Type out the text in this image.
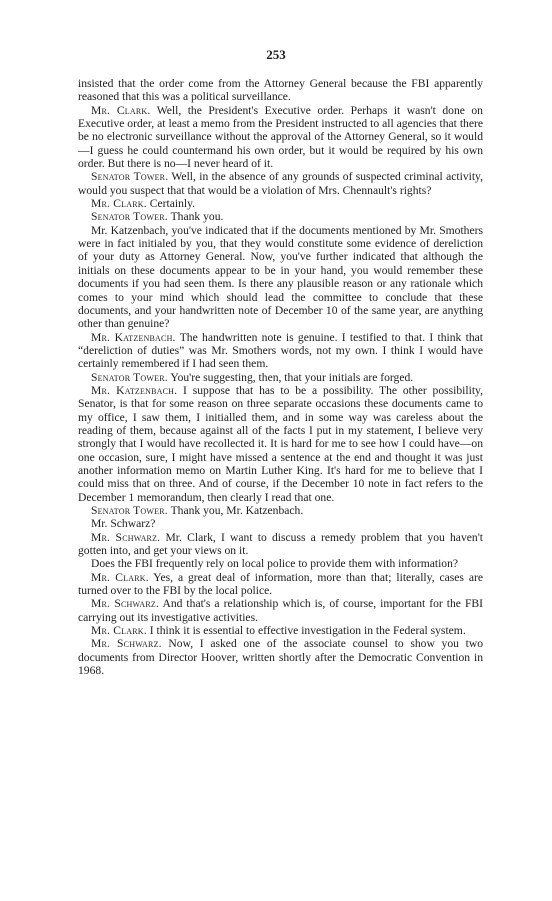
253

insisted that the order come from the Attorney General because the FBI apparently reasoned that this was a political surveillance.

Mr. Clark. Well, the President's Executive order. Perhaps it wasn't done on Executive order, at least a memo from the President instructed to all agencies that there be no electronic surveillance without the approval of the Attorney General, so it would—I guess he could countermand his own order, but it would be required by his own order. But there is no—I never heard of it.

Senator Tower. Well, in the absence of any grounds of suspected criminal activity, would you suspect that that would be a violation of Mrs. Chennault's rights?

Mr. Clark. Certainly.

Senator Tower. Thank you.

Mr. Katzenbach, you've indicated that if the documents mentioned by Mr. Smothers were in fact initialed by you, that they would constitute some evidence of dereliction of your duty as Attorney General. Now, you've further indicated that although the initials on these documents appear to be in your hand, you would remember these documents if you had seen them. Is there any plausible reason or any rationale which comes to your mind which should lead the committee to conclude that these documents, and your handwritten note of December 10 of the same year, are anything other than genuine?

Mr. Katzenbach. The handwritten note is genuine. I testified to that. I think that “dereliction of duties” was Mr. Smothers words, not my own. I think I would have certainly remembered if I had seen them.

Senator Tower. You're suggesting, then, that your initials are forged.

Mr. Katzenbach. I suppose that has to be a possibility. The other possibility, Senator, is that for some reason on three separate occasions these documents came to my office, I saw them, I initialled them, and in some way was careless about the reading of them, because against all of the facts I put in my statement, I believe very strongly that I would have recollected it. It is hard for me to see how I could have—on one occasion, sure, I might have missed a sentence at the end and thought it was just another information memo on Martin Luther King. It's hard for me to believe that I could miss that on three. And of course, if the December 10 note in fact refers to the December 1 memorandum, then clearly I read that one.

Senator Tower. Thank you, Mr. Katzenbach.

Mr. Schwarz?

Mr. Schwarz. Mr. Clark, I want to discuss a remedy problem that you haven't gotten into, and get your views on it.

Does the FBI frequently rely on local police to provide them with information?

Mr. Clark. Yes, a great deal of information, more than that; literally, cases are turned over to the FBI by the local police.

Mr. Schwarz. And that's a relationship which is, of course, important for the FBI carrying out its investigative activities.

Mr. Clark. I think it is essential to effective investigation in the Federal system.

Mr. Schwarz. Now, I asked one of the associate counsel to show you two documents from Director Hoover, written shortly after the Democratic Convention in 1968.
